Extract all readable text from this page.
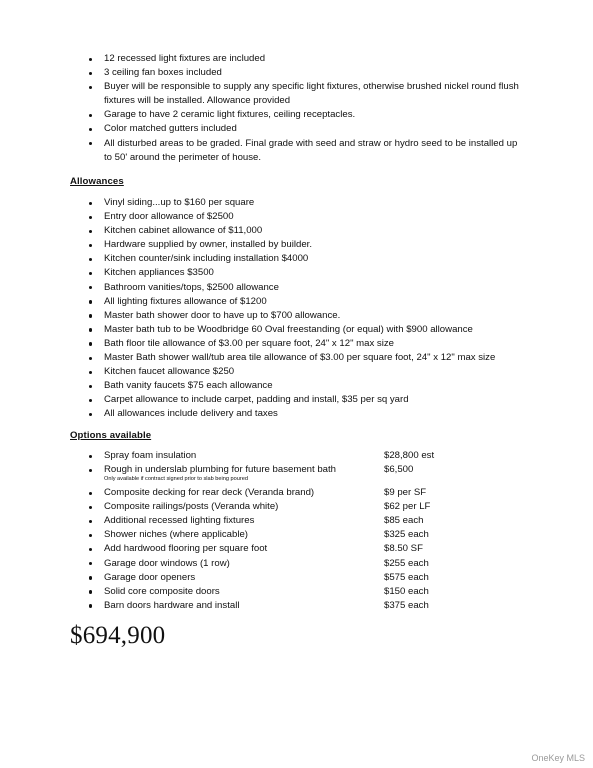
12 recessed light fixtures are included
3 ceiling fan boxes included
Buyer will be responsible to supply any specific light fixtures, otherwise brushed nickel round flush fixtures will be installed. Allowance provided
Garage to have 2 ceramic light fixtures, ceiling receptacles.
Color matched gutters included
All disturbed areas to be graded. Final grade with seed and straw or hydro seed to be installed up to 50' around the perimeter of house.
Allowances
Vinyl siding...up to $160 per square
Entry door allowance of $2500
Kitchen cabinet allowance of $11,000
Hardware supplied by owner, installed by builder.
Kitchen counter/sink including installation $4000
Kitchen appliances $3500
Bathroom vanities/tops, $2500 allowance
All lighting fixtures allowance of $1200
Master bath shower door to have up to $700 allowance.
Master bath tub to be Woodbridge 60 Oval freestanding (or equal) with $900 allowance
Bath floor tile allowance of $3.00 per square foot, 24" x 12" max size
Master Bath shower wall/tub area tile allowance of $3.00 per square foot, 24" x 12" max size
Kitchen faucet allowance $250
Bath vanity faucets $75 each allowance
Carpet allowance to include carpet, padding and install, $35 per sq yard
All allowances include delivery and taxes
Options available
Spray foam insulation	$28,800 est
Rough in underslab plumbing for future basement bath	$6,500
Only available if contract signed prior to slab being poured
Composite decking for rear deck (Veranda brand)	$9 per SF
Composite railings/posts (Veranda white)	$62 per LF
Additional recessed lighting fixtures	$85 each
Shower niches (where applicable)	$325 each
Add hardwood flooring per square foot	$8.50 SF
Garage door windows (1 row)	$255 each
Garage door openers	$575 each
Solid core composite doors	$150 each
Barn doors hardware and install	$375 each
$694,900
OneKey MLS
